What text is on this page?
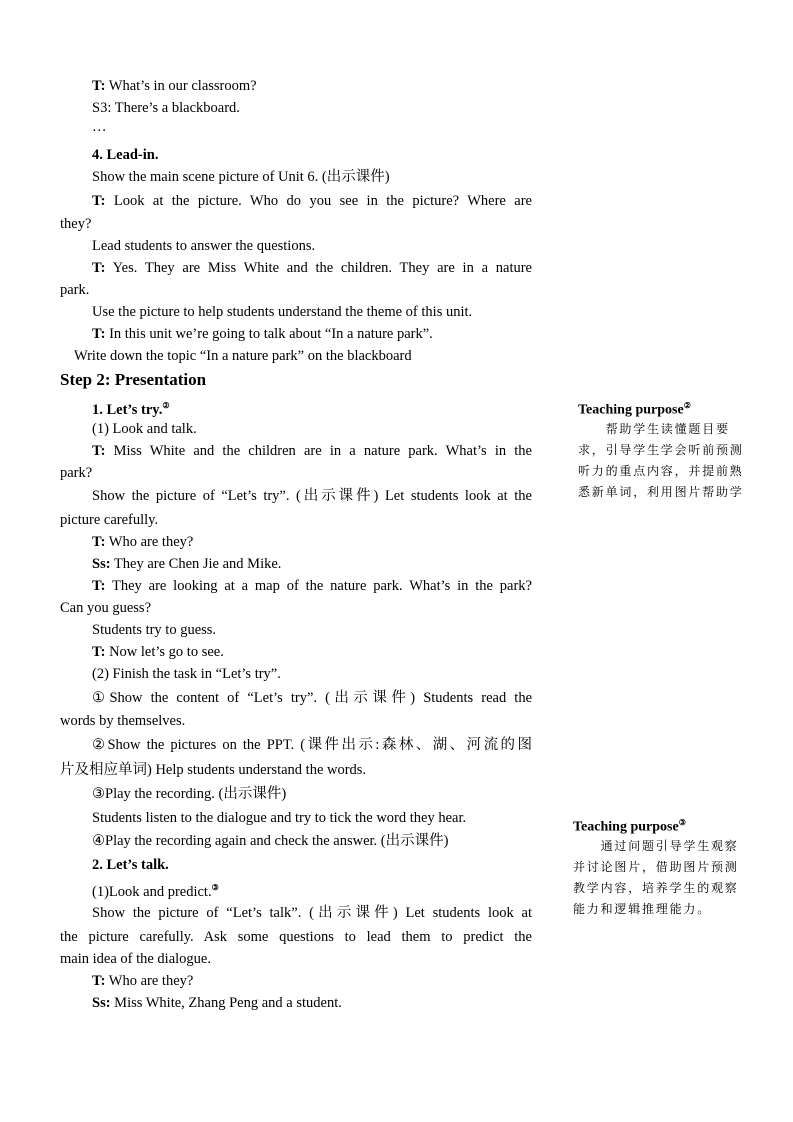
T: What’s in our classroom?
S3: There’s a blackboard.
…
4. Lead-in.
Show the main scene picture of Unit 6. (出示课件)
T: Look at the picture. Who do you see in the picture? Where are
they?
Lead students to answer the questions.
T: Yes. They are Miss White and the children. They are in a nature
park.
Use the picture to help students understand the theme of this unit.
T: In this unit we’re going to talk about “In a nature park”.
Write down the topic “In a nature park” on the blackboard
Step 2: Presentation
1. Let’s try.②
(1) Look and talk.
T: Miss White and the children are in a nature park. What’s in the
park?
Show the picture of “Let’s try”. (出示课件) Let students look at the
picture carefully.
T: Who are they?
Ss: They are Chen Jie and Mike.
T: They are looking at a map of the nature park. What’s in the park?
Can you guess?
Students try to guess.
T: Now let’s go to see.
(2) Finish the task in “Let’s try”.
①Show the content of “Let’s try”. (出示课件) Students read the
words by themselves.
②Show the pictures on the PPT. (课件出示:森林、湖、河流的图
片及相应单词) Help students understand the words.
③Play the recording. (出示课件)
Students listen to the dialogue and try to tick the word they hear.
④Play the recording again and check the answer. (出示课件)
2. Let’s talk.
(1)Look and predict.③
Show the picture of “Let’s talk”. (出示课件) Let students look at
the picture carefully. Ask some questions to lead them to predict the
main idea of the dialogue.
T: Who are they?
Ss: Miss White, Zhang Peng and a student.
Teaching purpose②
　　帮助学生读懂题目要求，引导学生学会听前预测听力的重点内容，并提前熟悉新单词，利用图片帮助学
Teaching purpose③
　　通过问题引导学生观察并讨论图片，借助图片预测教学内容，培养学生的观察能力和逻辑推理能力。
